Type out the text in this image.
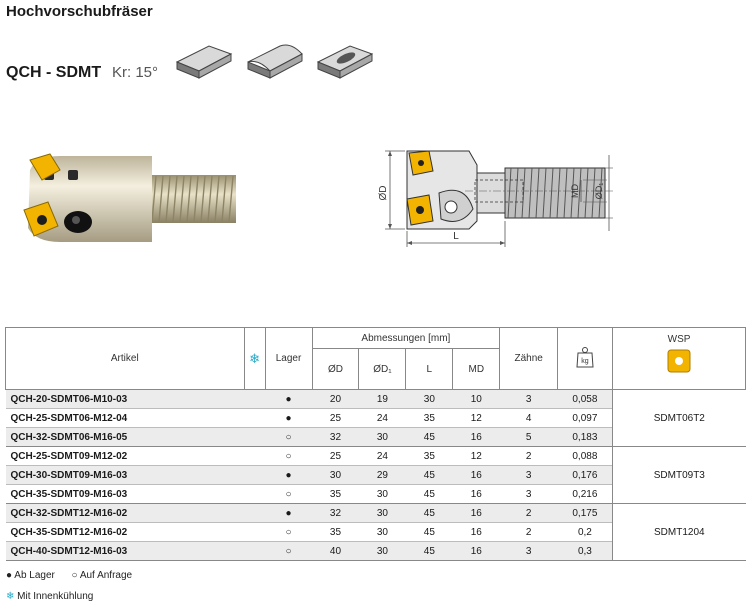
Hochvorschubfräser
QCH - SDMT Kr: 15°
ØD	MD ØD₁
L
Artikel	❄	Lager	Abmessungen [mm]				Zähne	kg	WSP

			ØD	ØD₁	L	MD			
QCH-20-SDMT06-M10-03		●	20	19	30	10	3	0,058	SDMT06T2
QCH-25-SDMT06-M12-04		●	25	24	35	12	4	0,097	
QCH-32-SDMT06-M16-05		○	32	30	45	16	5	0,183	
QCH-25-SDMT09-M12-02		○	25	24	35	12	2	0,088	SDMT09T3
QCH-30-SDMT09-M16-03		●	30	29	45	16	3	0,176	
QCH-35-SDMT09-M16-03		○	35	30	45	16	3	0,216	
QCH-32-SDMT12-M16-02		●	32	30	45	16	2	0,175	SDMT1204
QCH-35-SDMT12-M16-02		○	35	30	45	16	2	0,2	
QCH-40-SDMT12-M16-03		○	40	30	45	16	3	0,3	
● Ab Lager ○ Auf Anfrage
❄ Mit Innenkühlung
